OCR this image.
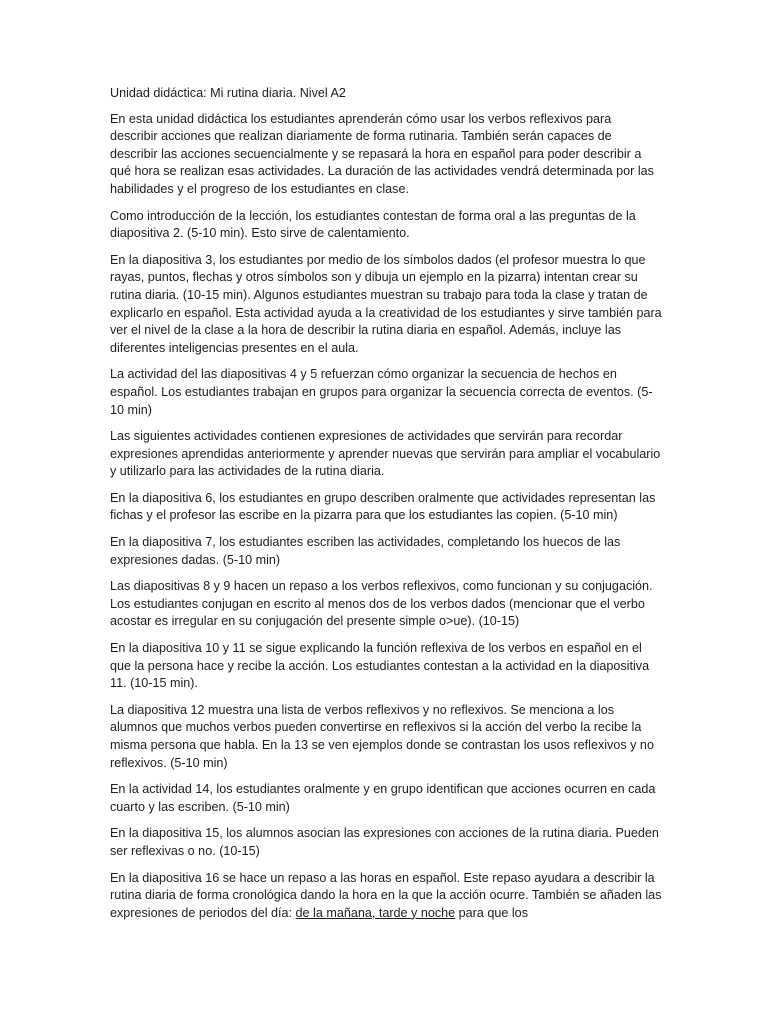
Unidad didáctica: Mi rutina diaria. Nivel A2

En esta unidad didáctica los estudiantes aprenderán cómo usar los verbos reflexivos para describir acciones que realizan diariamente de forma rutinaria. También serán capaces de describir las acciones secuencialmente y se repasará la hora en español para poder describir a qué hora se realizan esas actividades. La duración de las actividades vendrá determinada por las habilidades y el progreso de los estudiantes en clase.

Como introducción de la lección, los estudiantes contestan de forma oral a las preguntas de la diapositiva 2. (5-10 min). Esto sirve de calentamiento.

En la diapositiva 3, los estudiantes por medio de los símbolos dados (el profesor muestra lo que rayas, puntos, flechas y otros símbolos son y dibuja un ejemplo en la pizarra) intentan crear su rutina diaria. (10-15 min). Algunos estudiantes muestran su trabajo para toda la clase y tratan de explicarlo en español. Esta actividad ayuda a la creatividad de los estudiantes y sirve también para ver el nivel de la clase a la hora de describir la rutina diaria en español. Además, incluye las diferentes inteligencias presentes en el aula.

La actividad del las diapositivas 4 y 5 refuerzan cómo organizar la secuencia de hechos en español. Los estudiantes trabajan en grupos para organizar la secuencia correcta de eventos. (5-10 min)

Las siguientes actividades contienen expresiones de actividades que servirán para recordar expresiones aprendidas anteriormente y aprender nuevas que servirán para ampliar el vocabulario y utilizarlo para las actividades de la rutina diaria.

En la diapositiva 6, los estudiantes en grupo describen oralmente que actividades representan las fichas y el profesor las escribe en la pizarra para que los estudiantes las copien. (5-10 min)

En la diapositiva 7, los estudiantes escriben las actividades, completando los huecos de las expresiones dadas. (5-10 min)

Las diapositivas 8 y 9 hacen un repaso a los verbos reflexivos, como funcionan y su conjugación. Los estudiantes conjugan en escrito al menos dos de los verbos dados (mencionar que el verbo acostar es irregular en su conjugación del presente simple o>ue). (10-15)

En la diapositiva 10 y 11 se sigue explicando la función reflexiva de los verbos en español en el que la persona hace y recibe la acción. Los estudiantes contestan a la actividad en la diapositiva 11. (10-15 min).

La diapositiva 12 muestra una lista de verbos reflexivos y no reflexivos. Se menciona a los alumnos que muchos verbos pueden convertirse en reflexivos si la acción del verbo la recibe la misma persona que habla. En la 13 se ven ejemplos donde se contrastan los usos reflexivos y no reflexivos. (5-10 min)

En la actividad 14, los estudiantes oralmente y en grupo identifican que acciones ocurren en cada cuarto y las escriben. (5-10 min)

En la diapositiva 15, los alumnos asocian las expresiones con acciones de la rutina diaria. Pueden ser reflexivas o no. (10-15)

En la diapositiva 16 se hace un repaso a las horas en español. Este repaso ayudara a describir la rutina diaria de forma cronológica dando la hora en la que la acción ocurre. También se añaden las expresiones de periodos del día: de la mañana, tarde y noche para que los
